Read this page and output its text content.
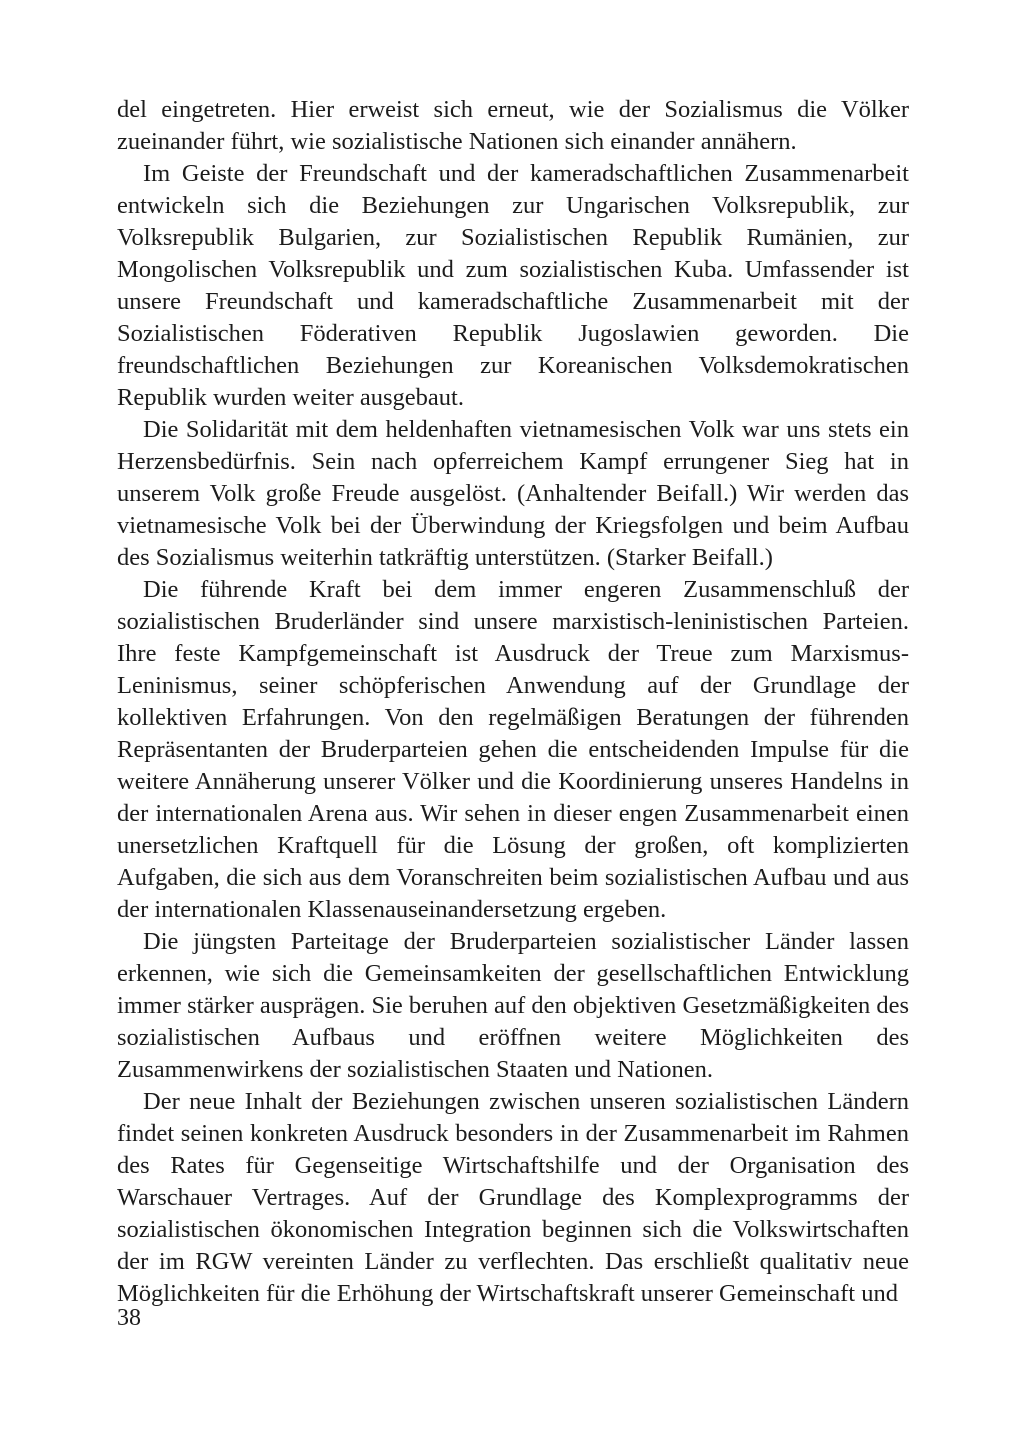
del eingetreten. Hier erweist sich erneut, wie der Sozialismus die Völker zueinander führt, wie sozialistische Nationen sich einander annähern.

Im Geiste der Freundschaft und der kameradschaftlichen Zusammenarbeit entwickeln sich die Beziehungen zur Ungarischen Volksrepublik, zur Volksrepublik Bulgarien, zur Sozialistischen Republik Rumänien, zur Mongolischen Volksrepublik und zum sozialistischen Kuba. Umfassender ist unsere Freundschaft und kameradschaftliche Zusammenarbeit mit der Sozialistischen Föderativen Republik Jugoslawien geworden. Die freundschaftlichen Beziehungen zur Koreanischen Volksdemokratischen Republik wurden weiter ausgebaut.

Die Solidarität mit dem heldenhaften vietnamesischen Volk war uns stets ein Herzensbedürfnis. Sein nach opferreichem Kampf errungener Sieg hat in unserem Volk große Freude ausgelöst. (Anhaltender Beifall.) Wir werden das vietnamesische Volk bei der Überwindung der Kriegsfolgen und beim Aufbau des Sozialismus weiterhin tatkräftig unterstützen. (Starker Beifall.)

Die führende Kraft bei dem immer engeren Zusammenschluß der sozialistischen Bruderländer sind unsere marxistisch-leninistischen Parteien. Ihre feste Kampfgemeinschaft ist Ausdruck der Treue zum Marxismus-Leninismus, seiner schöpferischen Anwendung auf der Grundlage der kollektiven Erfahrungen. Von den regelmäßigen Beratungen der führenden Repräsentanten der Bruderparteien gehen die entscheidenden Impulse für die weitere Annäherung unserer Völker und die Koordinierung unseres Handelns in der internationalen Arena aus. Wir sehen in dieser engen Zusammenarbeit einen unersetzlichen Kraftquell für die Lösung der großen, oft komplizierten Aufgaben, die sich aus dem Voranschreiten beim sozialistischen Aufbau und aus der internationalen Klassenauseinandersetzung ergeben.

Die jüngsten Parteitage der Bruderparteien sozialistischer Länder lassen erkennen, wie sich die Gemeinsamkeiten der gesellschaftlichen Entwicklung immer stärker ausprägen. Sie beruhen auf den objektiven Gesetzmäßigkeiten des sozialistischen Aufbaus und eröffnen weitere Möglichkeiten des Zusammenwirkens der sozialistischen Staaten und Nationen.

Der neue Inhalt der Beziehungen zwischen unseren sozialistischen Ländern findet seinen konkreten Ausdruck besonders in der Zusammenarbeit im Rahmen des Rates für Gegenseitige Wirtschaftshilfe und der Organisation des Warschauer Vertrages. Auf der Grundlage des Komplexprogramms der sozialistischen ökonomischen Integration beginnen sich die Volkswirtschaften der im RGW vereinten Länder zu verflechten. Das erschließt qualitativ neue Möglichkeiten für die Erhöhung der Wirtschaftskraft unserer Gemeinschaft und

38
